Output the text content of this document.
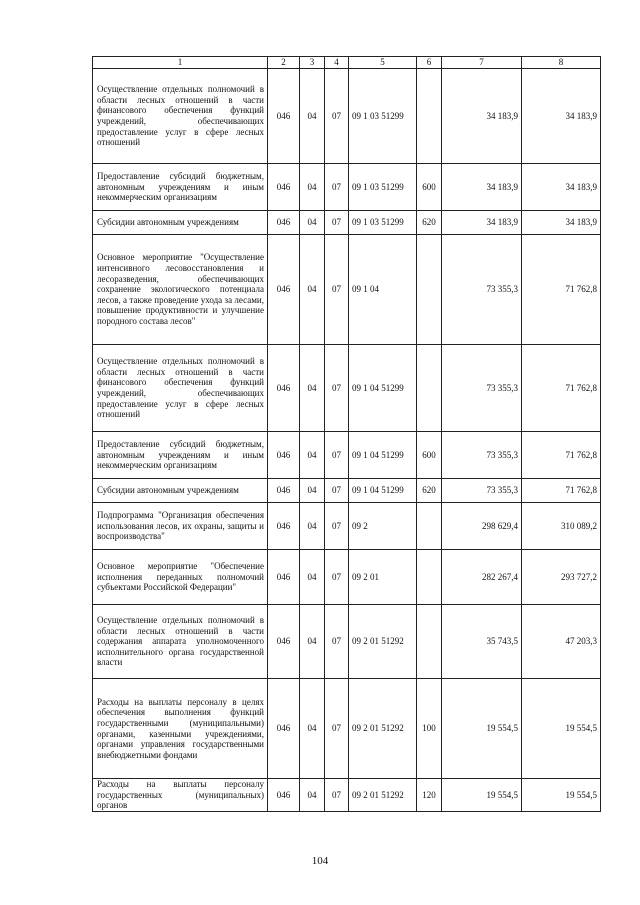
1	2	3	4	5	6	7	8
Осуществление отдельных полномочий в области лесных отношений в части финансового обеспечения функций учреждений, обеспечивающих предоставление услуг в сфере лесных отношений	046	04	07	09 1 03 51299		34 183,9	34 183,9
Предоставление субсидий бюджетным, автономным учреждениям и иным некоммерческим организациям	046	04	07	09 1 03 51299	600	34 183,9	34 183,9
Субсидии автономным учреждениям	046	04	07	09 1 03 51299	620	34 183,9	34 183,9
Основное мероприятие "Осуществление интенсивного лесовосстановления и лесоразведения, обеспечивающих сохранение экологического потенциала лесов, а также проведение ухода за лесами, повышение продуктивности и улучшение породного состава лесов"	046	04	07	09 1 04		73 355,3	71 762,8
Осуществление отдельных полномочий в области лесных отношений в части финансового обеспечения функций учреждений, обеспечивающих предоставление услуг в сфере лесных отношений	046	04	07	09 1 04 51299		73 355,3	71 762,8
Предоставление субсидий бюджетным, автономным учреждениям и иным некоммерческим организациям	046	04	07	09 1 04 51299	600	73 355,3	71 762,8
Субсидии автономным учреждениям	046	04	07	09 1 04 51299	620	73 355,3	71 762,8
Подпрограмма "Организация обеспечения использования лесов, их охраны, защиты и воспроизводства"	046	04	07	09 2		298 629,4	310 089,2
Основное мероприятие "Обеспечение исполнения переданных полномочий субъектами Российской Федерации"	046	04	07	09 2 01		282 267,4	293 727,2
Осуществление отдельных полномочий в области лесных отношений в части содержания аппарата уполномоченного исполнительного органа государственной власти	046	04	07	09 2 01 51292		35 743,5	47 203,3
Расходы на выплаты персоналу в целях обеспечения выполнения функций государственными (муниципальными) органами, казенными учреждениями, органами управления государственными внебюджетными фондами	046	04	07	09 2 01 51292	100	19 554,5	19 554,5
Расходы на выплаты персоналу государственных (муниципальных) органов	046	04	07	09 2 01 51292	120	19 554,5	19 554,5
104
